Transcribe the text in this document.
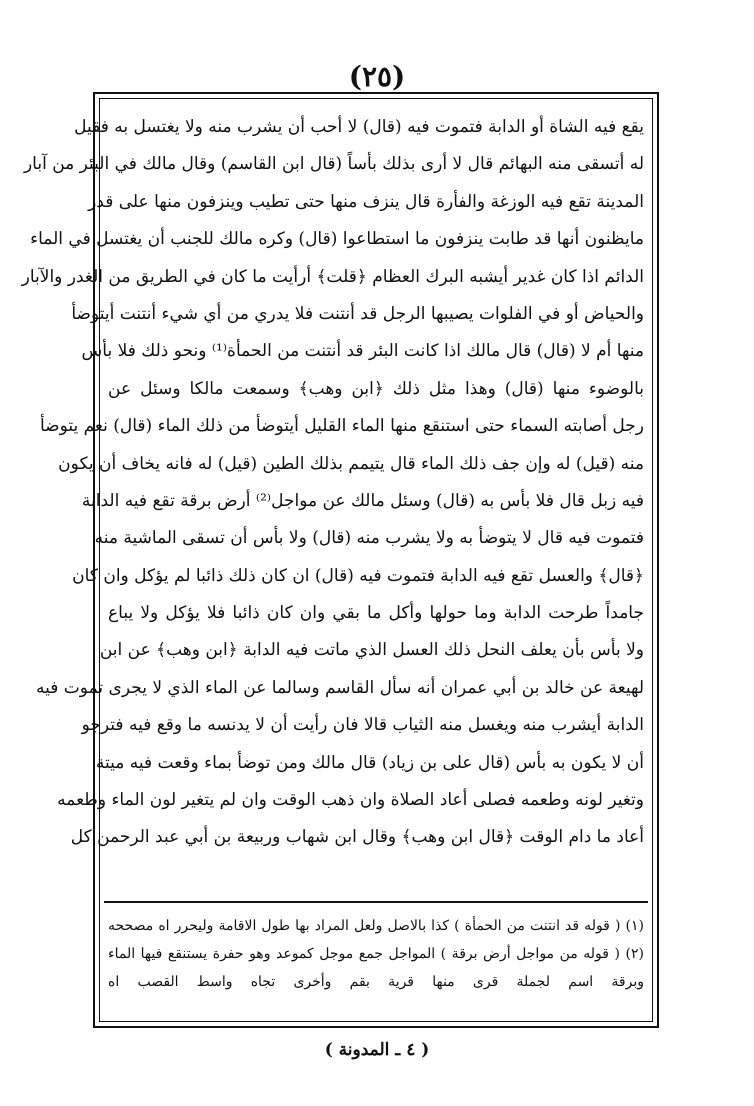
(٢٥)
يقع فيه الشاة أو الدابة فتموت فيه (قال) لا أحب أن يشرب منه ولا يغتسل به فقيل
له أتسقى منه البهائم قال لا أرى بذلك بأساً (قال ابن القاسم) وقال مالك في البئر من آبار
المدينة تقع فيه الوزغة والفأرة قال ينزف منها حتى تطيب وينزفون منها على قدر
مايظنون أنها قد طابت ينزفون ما استطاعوا (قال) وكره مالك للجنب أن يغتسل في الماء
الدائم اذا كان غدير أيشبه البرك العظام ﴿قلت﴾ أرأيت ما كان في الطريق من الغدر والآبار
والحياض أو في الفلوات يصيبها الرجل قد أنتنت فلا يدري من أي شيء أنتنت أيتوضأ
منها أم لا (قال) قال مالك اذا كانت البئر قد أنتنت من الحمأة⁽¹⁾ ونحو ذلك فلا بأس
بالوضوء منها (قال) وهذا مثل ذلك ﴿ابن وهب﴾ وسمعت مالكا وسئل عن
رجل أصابته السماء حتى استنقع منها الماء القليل أيتوضأ من ذلك الماء (قال) نعم يتوضأ
منه (قيل) له وإن جف ذلك الماء قال يتيمم بذلك الطين (قيل) له فانه يخاف أن يكون
فيه زبل قال فلا بأس به (قال) وسئل مالك عن مواجل⁽²⁾ أرض برقة تقع فيه الدابة
فتموت فيه قال لا يتوضأ به ولا يشرب منه (قال) ولا بأس أن تسقى الماشية منه
﴿قال﴾ والعسل تقع فيه الدابة فتموت فيه (قال) ان كان ذلك ذائبا لم يؤكل وان كان
جامداً طرحت الدابة وما حولها وأكل ما بقي وان كان ذائبا فلا يؤكل ولا يباع
ولا بأس بأن يعلف النحل ذلك العسل الذي ماتت فيه الدابة ﴿ابن وهب﴾ عن ابن
لهيعة عن خالد بن أبي عمران أنه سأل القاسم وسالما عن الماء الذي لا يجرى تموت فيه
الدابة أيشرب منه ويغسل منه الثياب قالا فان رأيت أن لا يدنسه ما وقع فيه فترجو
أن لا يكون به بأس (قال على بن زياد) قال مالك ومن توضأ بماء وقعت فيه ميتة
وتغير لونه وطعمه فصلى أعاد الصلاة وان ذهب الوقت وان لم يتغير لون الماء وطعمه
أعاد ما دام الوقت ﴿قال ابن وهب﴾ وقال ابن شهاب وربيعة بن أبي عبد الرحمن كل
(١) ( قوله قد انتنت من الحمأة ) كذا بالاصل ولعل المراد بها طول الاقامة وليحرر اه مصححه
(٢) ( قوله من مواجل أرض برقة ) المواجل جمع موجل كموعد وهو حفرة يستنقع فيها الماء
وبرقة اسم لجملة قرى منها قرية بقم وأخرى تجاه واسط القصب اه
( ٤ ـ المدونة )
